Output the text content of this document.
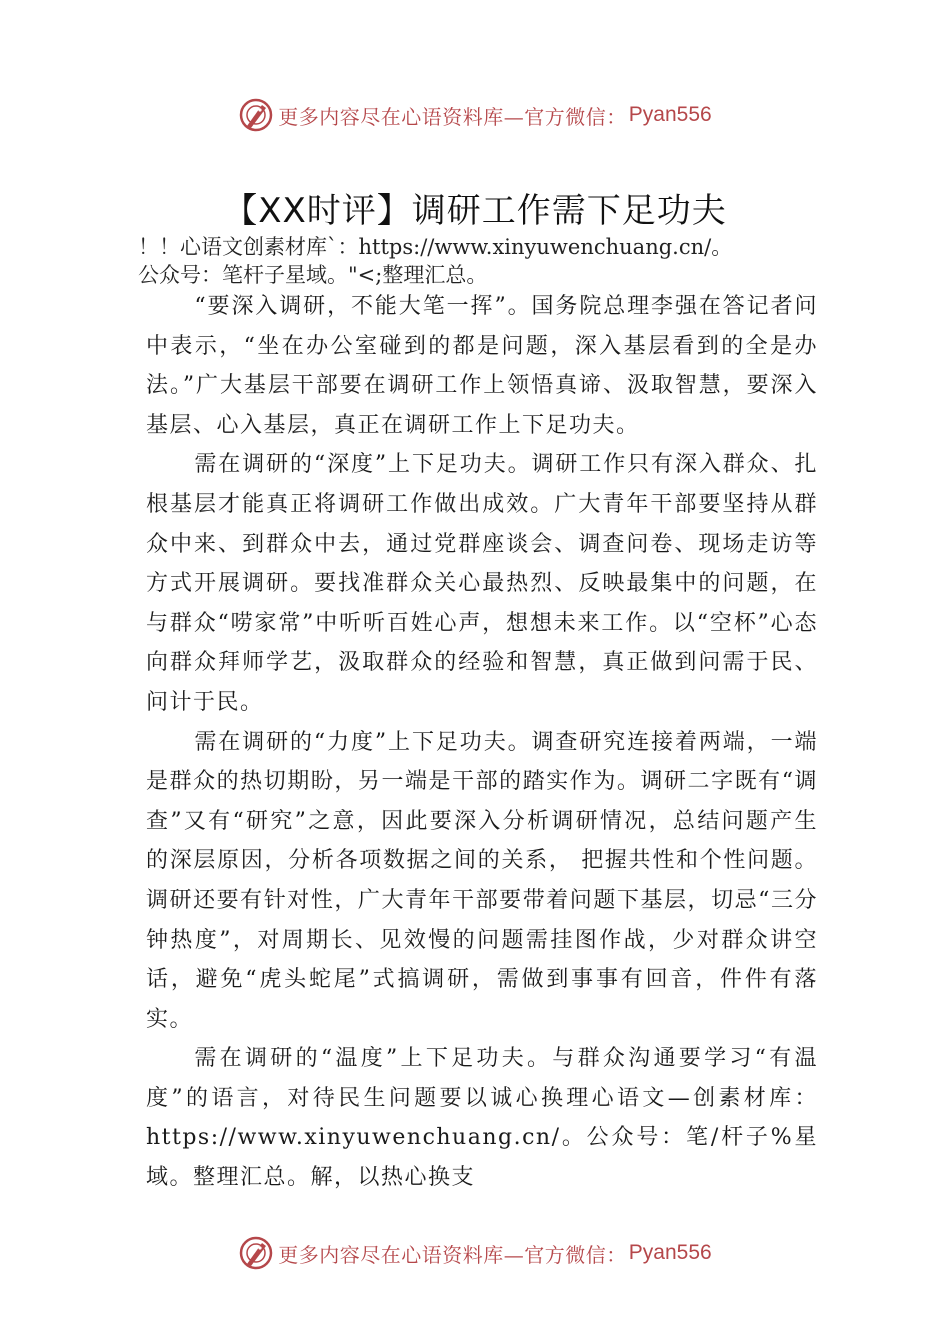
更多内容尽在心语资料库—官方微信： Pyan556
【XX时评】调研工作需下足功夫

！！心语文创素材库`：https://www.xinyuwenchuang.cn/。

公众号：笔杆子星域。"<;整理汇总。

“要深入调研，不能大笔一挥”。国务院总理李强在答记者问中表示，“坐在办公室碰到的都是问题，深入基层看到的全是办法。”广大基层干部要在调研工作上领悟真谛、汲取智慧，要深入基层、心入基层，真正在调研工作上下足功夫。

需在调研的“深度”上下足功夫。调研工作只有深入群众、扎根基层才能真正将调研工作做出成效。广大青年干部要坚持从群众中来、到群众中去，通过党群座谈会、调查问卷、现场走访等方式开展调研。要找准群众关心最热烈、反映最集中的问题，在与群众“唠家常”中听听百姓心声，想想未来工作。以“空杯”心态向群众拜师学艺，汲取群众的经验和智慧，真正做到问需于民、问计于民。

需在调研的“力度”上下足功夫。调查研究连接着两端，一端是群众的热切期盼，另一端是干部的踏实作为。调研二字既有“调查”又有“研究”之意，因此要深入分析调研情况，总结问题产生的深层原因，分析各项数据之间的关系， 把握共性和个性问题。调研还要有针对性，广大青年干部要带着问题下基层，切忌“三分钟热度”，对周期长、见效慢的问题需挂图作战，少对群众讲空话，避免“虎头蛇尾”式搞调研，需做到事事有回音，件件有落实。

需在调研的“温度”上下足功夫。与群众沟通要学习“有温度”的语言，对待民生问题要以诚心换理心语文—创素材库：https://www.xinyuwenchuang.cn/。公众号：笔/杆子%星域。整理汇总。解，以热心换支

更多内容尽在心语资料库—官方微信： Pyan556
